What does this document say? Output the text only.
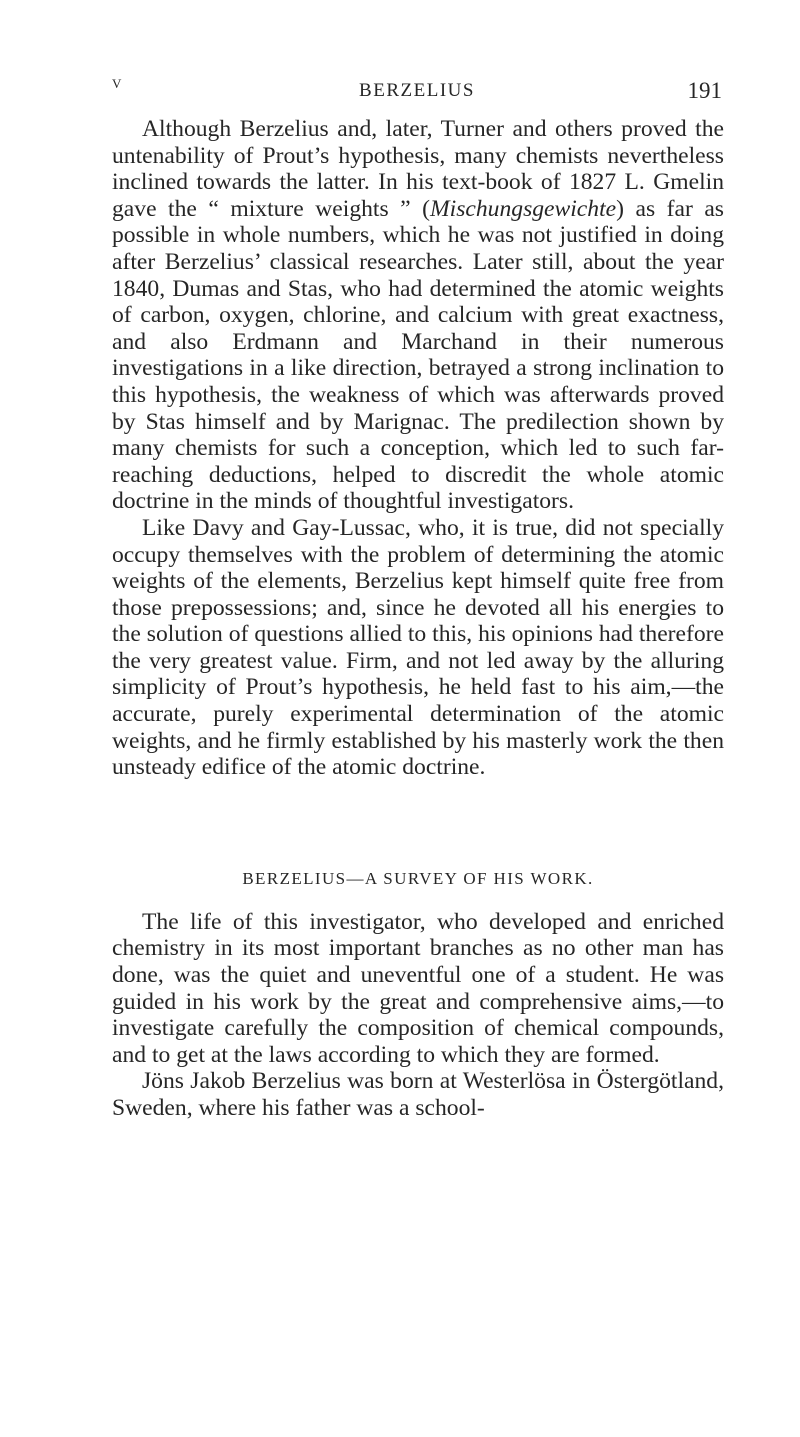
V	BERZELIUS	191

Although Berzelius and, later, Turner and others proved the untenability of Prout’s hypothesis, many chemists nevertheless inclined towards the latter. In his text-book of 1827 L. Gmelin gave the “ mixture weights ” (Mischungsgewichte) as far as possible in whole numbers, which he was not justified in doing after Berzelius’ classical researches. Later still, about the year 1840, Dumas and Stas, who had determined the atomic weights of carbon, oxygen, chlorine, and calcium with great exactness, and also Erdmann and Marchand in their numerous investigations in a like direction, betrayed a strong inclination to this hypothesis, the weakness of which was afterwards proved by Stas himself and by Marignac. The predilection shown by many chemists for such a conception, which led to such far-reaching deductions, helped to discredit the whole atomic doctrine in the minds of thoughtful investigators.

Like Davy and Gay-Lussac, who, it is true, did not specially occupy themselves with the problem of determining the atomic weights of the elements, Berzelius kept himself quite free from those prepossessions; and, since he devoted all his energies to the solution of questions allied to this, his opinions had therefore the very greatest value. Firm, and not led away by the alluring simplicity of Prout’s hypothesis, he held fast to his aim,—the accurate, purely experimental determination of the atomic weights, and he firmly established by his masterly work the then unsteady edifice of the atomic doctrine.

BERZELIUS—A SURVEY OF HIS WORK.

The life of this investigator, who developed and enriched chemistry in its most important branches as no other man has done, was the quiet and uneventful one of a student. He was guided in his work by the great and comprehensive aims,—to investigate carefully the composition of chemical compounds, and to get at the laws according to which they are formed.

Jöns Jakob Berzelius was born at Westerlösa in Östergötland, Sweden, where his father was a school-
